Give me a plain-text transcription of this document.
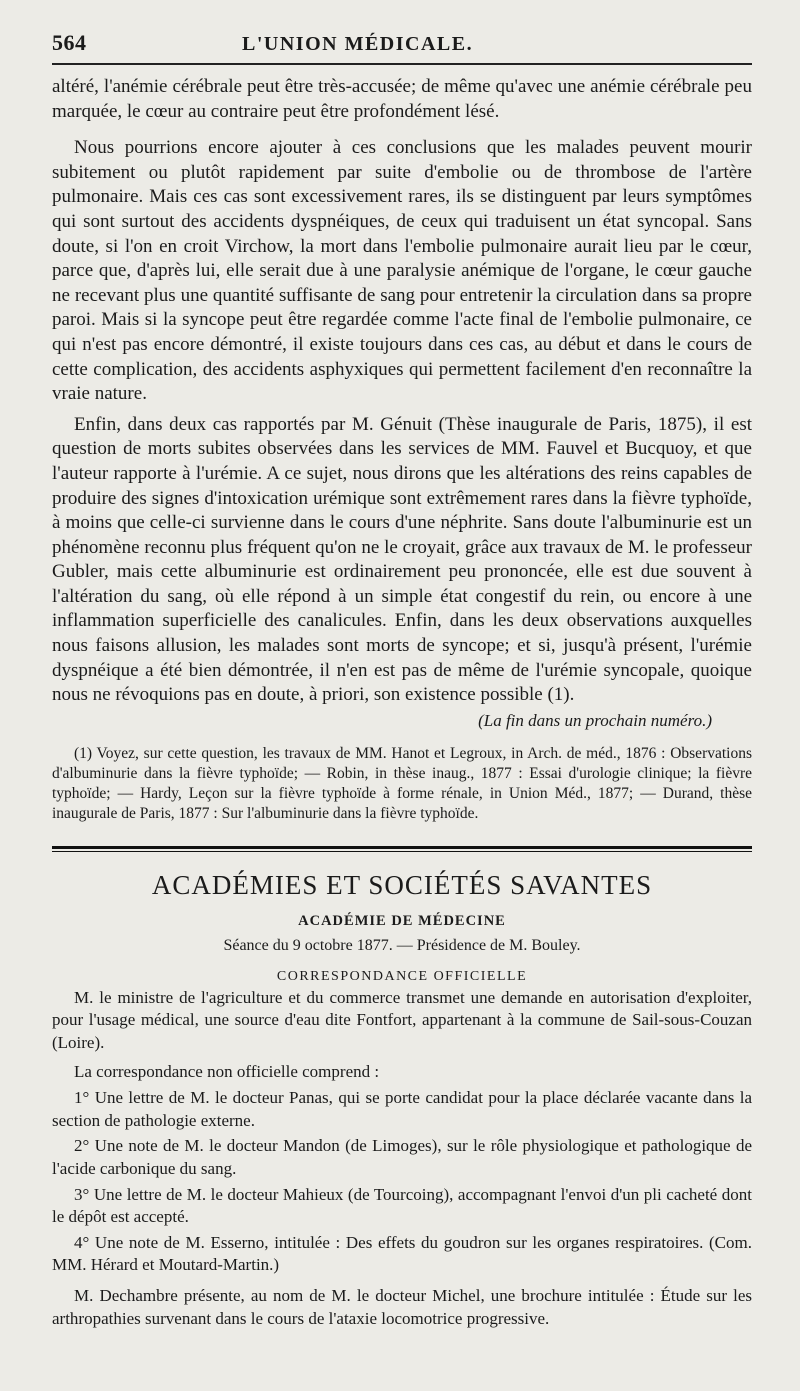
564	L'UNION MÉDICALE.

altéré, l'anémie cérébrale peut être très-accusée; de même qu'avec une anémie cérébrale peu marquée, le cœur au contraire peut être profondément lésé.

Nous pourrions encore ajouter à ces conclusions que les malades peuvent mourir subitement ou plutôt rapidement par suite d'embolie ou de thrombose de l'artère pulmonaire. Mais ces cas sont excessivement rares, ils se distinguent par leurs symptômes qui sont surtout des accidents dyspnéiques, de ceux qui traduisent un état syncopal. Sans doute, si l'on en croit Virchow, la mort dans l'embolie pulmonaire aurait lieu par le cœur, parce que, d'après lui, elle serait due à une paralysie anémique de l'organe, le cœur gauche ne recevant plus une quantité suffisante de sang pour entretenir la circulation dans sa propre paroi. Mais si la syncope peut être regardée comme l'acte final de l'embolie pulmonaire, ce qui n'est pas encore démontré, il existe toujours dans ces cas, au début et dans le cours de cette complication, des accidents asphyxiques qui permettent facilement d'en reconnaître la vraie nature.

Enfin, dans deux cas rapportés par M. Génuit (Thèse inaugurale de Paris, 1875), il est question de morts subites observées dans les services de MM. Fauvel et Bucquoy, et que l'auteur rapporte à l'urémie. A ce sujet, nous dirons que les altérations des reins capables de produire des signes d'intoxication urémique sont extrêmement rares dans la fièvre typhoïde, à moins que celle-ci survienne dans le cours d'une néphrite. Sans doute l'albuminurie est un phénomène reconnu plus fréquent qu'on ne le croyait, grâce aux travaux de M. le professeur Gubler, mais cette albuminurie est ordinairement peu prononcée, elle est due souvent à l'altération du sang, où elle répond à un simple état congestif du rein, ou encore à une inflammation superficielle des canalicules. Enfin, dans les deux observations auxquelles nous faisons allusion, les malades sont morts de syncope; et si, jusqu'à présent, l'urémie dyspnéique a été bien démontrée, il n'en est pas de même de l'urémie syncopale, quoique nous ne révoquions pas en doute, à priori, son existence possible (1).

(La fin dans un prochain numéro.)
(1) Voyez, sur cette question, les travaux de MM. Hanot et Legroux, in Arch. de méd., 1876 : Observations d'albuminurie dans la fièvre typhoïde; — Robin, in thèse inaug., 1877 : Essai d'urologie clinique; la fièvre typhoïde; — Hardy, Leçon sur la fièvre typhoïde à forme rénale, in Union Méd., 1877; — Durand, thèse inaugurale de Paris, 1877 : Sur l'albuminurie dans la fièvre typhoïde.
ACADÉMIES ET SOCIÉTÉS SAVANTES
ACADÉMIE DE MÉDECINE
Séance du 9 octobre 1877. — Présidence de M. Bouley.
CORRESPONDANCE OFFICIELLE

M. le ministre de l'agriculture et du commerce transmet une demande en autorisation d'exploiter, pour l'usage médical, une source d'eau dite Fontfort, appartenant à la commune de Sail-sous-Couzan (Loire).

La correspondance non officielle comprend :

1° Une lettre de M. le docteur Panas, qui se porte candidat pour la place déclarée vacante dans la section de pathologie externe.

2° Une note de M. le docteur Mandon (de Limoges), sur le rôle physiologique et pathologique de l'acide carbonique du sang.

3° Une lettre de M. le docteur Mahieux (de Tourcoing), accompagnant l'envoi d'un pli cacheté dont le dépôt est accepté.

4° Une note de M. Esserno, intitulée : Des effets du goudron sur les organes respiratoires. (Com. MM. Hérard et Moutard-Martin.)

M. Dechambre présente, au nom de M. le docteur Michel, une brochure intitulée : Étude sur les arthropathies survenant dans le cours de l'ataxie locomotrice progressive.
